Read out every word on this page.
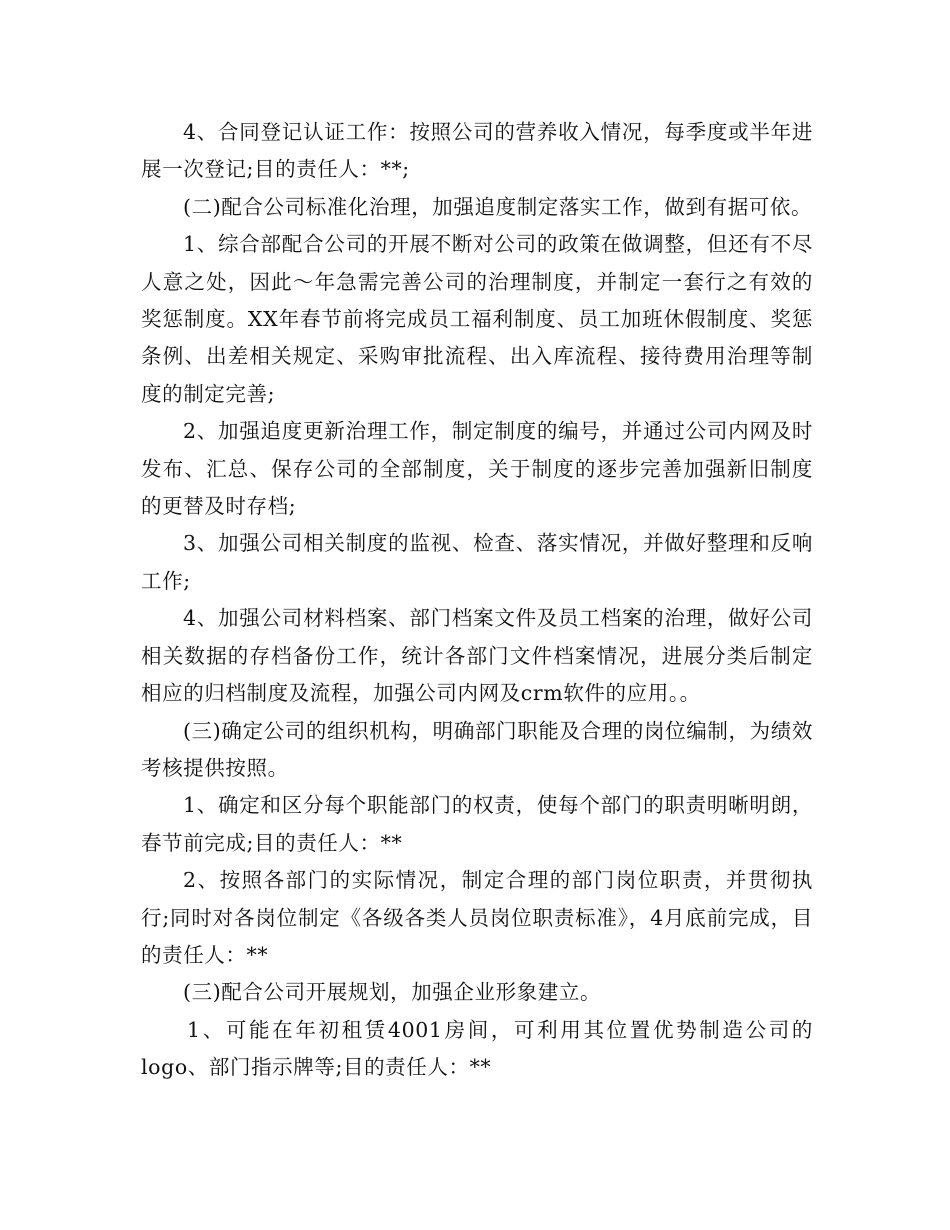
4、合同登记认证工作：按照公司的营养收入情况，每季度或半年进展一次登记;目的责任人：**;

(二)配合公司标准化治理，加强追度制定落实工作，做到有据可依。

1、综合部配合公司的开展不断对公司的政策在做调整，但还有不尽人意之处，因此～年急需完善公司的治理制度，并制定一套行之有效的奖惩制度。XX年春节前将完成员工福利制度、员工加班休假制度、奖惩条例、出差相关规定、采购审批流程、出入库流程、接待费用治理等制度的制定完善;

2、加强追度更新治理工作，制定制度的编号，并通过公司内网及时发布、汇总、保存公司的全部制度，关于制度的逐步完善加强新旧制度的更替及时存档;

3、加强公司相关制度的监视、检查、落实情况，并做好整理和反响工作;

4、加强公司材料档案、部门档案文件及员工档案的治理，做好公司相关数据的存档备份工作，统计各部门文件档案情况，进展分类后制定相应的归档制度及流程，加强公司内网及crm软件的应用。。

(三)确定公司的组织机构，明确部门职能及合理的岗位编制，为绩效考核提供按照。

1、确定和区分每个职能部门的权责，使每个部门的职责明晰明朗，春节前完成;目的责任人：**

2、按照各部门的实际情况，制定合理的部门岗位职责，并贯彻执行;同时对各岗位制定《各级各类人员岗位职责标准》，4月底前完成，目的责任人：**

(三)配合公司开展规划，加强企业形象建立。

1、可能在年初租赁4001房间，可利用其位置优势制造公司的logo、部门指示牌等;目的责任人：**
